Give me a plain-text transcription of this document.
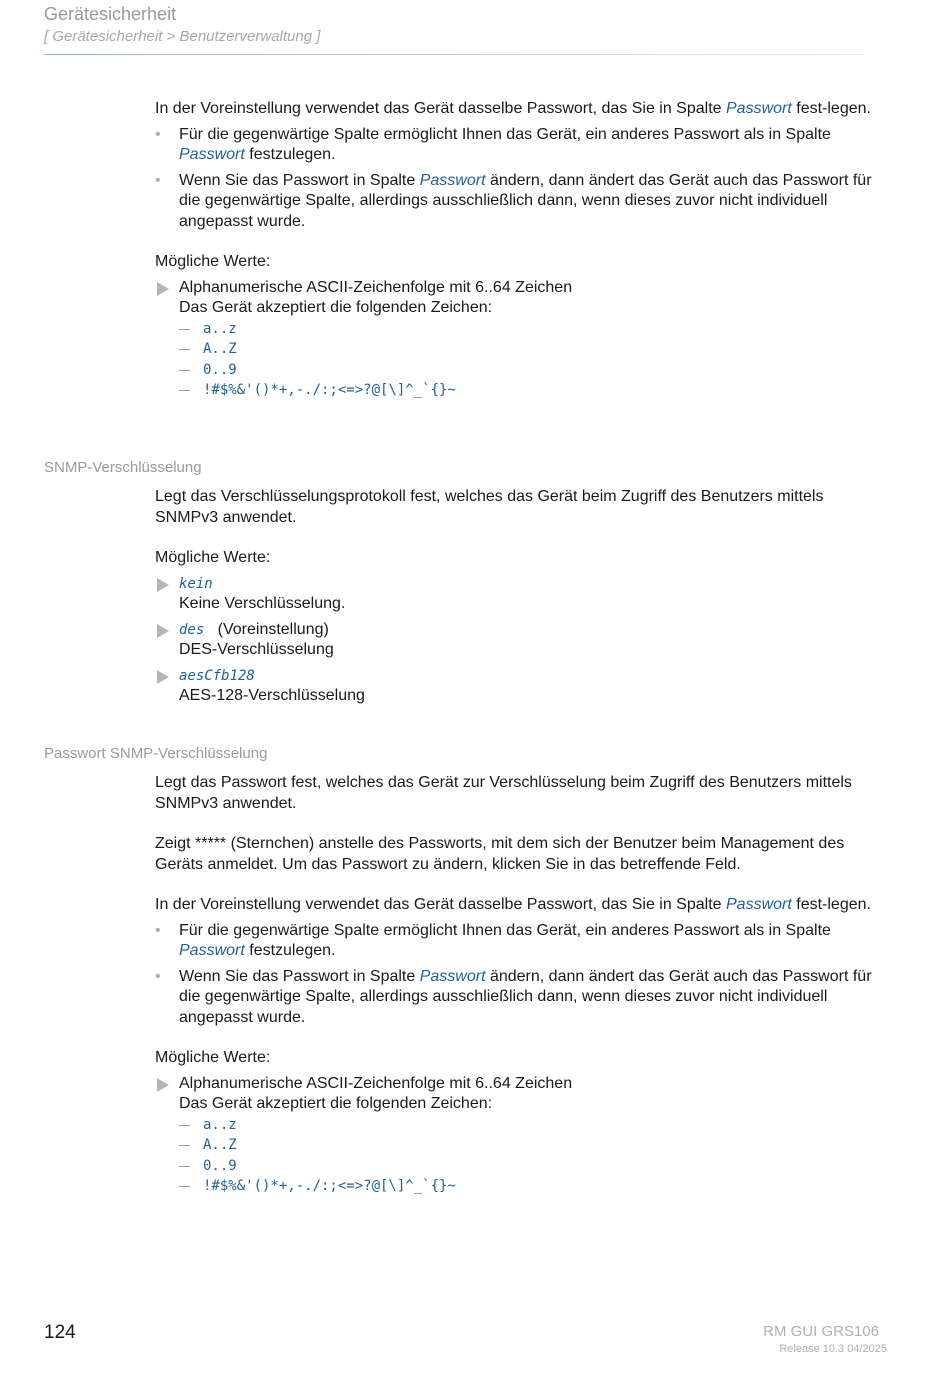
Gerätesicherheit
[ Gerätesicherheit > Benutzerverwaltung ]

In der Voreinstellung verwendet das Gerät dasselbe Passwort, das Sie in Spalte Passwort fest-legen.

• Für die gegenwärtige Spalte ermöglicht Ihnen das Gerät, ein anderes Passwort als in Spalte Passwort festzulegen.
• Wenn Sie das Passwort in Spalte Passwort ändern, dann ändert das Gerät auch das Passwort für die gegenwärtige Spalte, allerdings ausschließlich dann, wenn dieses zuvor nicht individuell angepasst wurde.

Mögliche Werte:

Alphanumerische ASCII-Zeichenfolge mit 6..64 Zeichen
Das Gerät akzeptiert die folgenden Zeichen:
a..z
A..Z
0..9
!#$%&'()*+,-./:;<=>?@[\]^_`{}~
SNMP-Verschlüsselung

Legt das Verschlüsselungsprotokoll fest, welches das Gerät beim Zugriff des Benutzers mittels SNMPv3 anwendet.

Mögliche Werte:

kein
Keine Verschlüsselung.
des (Voreinstellung)
DES-Verschlüsselung
aesCfb128
AES-128-Verschlüsselung
Passwort SNMP-Verschlüsselung

Legt das Passwort fest, welches das Gerät zur Verschlüsselung beim Zugriff des Benutzers mittels SNMPv3 anwendet.

Zeigt ***** (Sternchen) anstelle des Passworts, mit dem sich der Benutzer beim Management des Geräts anmeldet. Um das Passwort zu ändern, klicken Sie in das betreffende Feld.

In der Voreinstellung verwendet das Gerät dasselbe Passwort, das Sie in Spalte Passwort fest-legen.

• Für die gegenwärtige Spalte ermöglicht Ihnen das Gerät, ein anderes Passwort als in Spalte Passwort festzulegen.
• Wenn Sie das Passwort in Spalte Passwort ändern, dann ändert das Gerät auch das Passwort für die gegenwärtige Spalte, allerdings ausschließlich dann, wenn dieses zuvor nicht individuell angepasst wurde.

Mögliche Werte:

Alphanumerische ASCII-Zeichenfolge mit 6..64 Zeichen
Das Gerät akzeptiert die folgenden Zeichen:
a..z
A..Z
0..9
!#$%&'()*+,-./:;<=>?@[\]^_`{}~
124	RM GUI GRS106
Release 10.3 04/2025
